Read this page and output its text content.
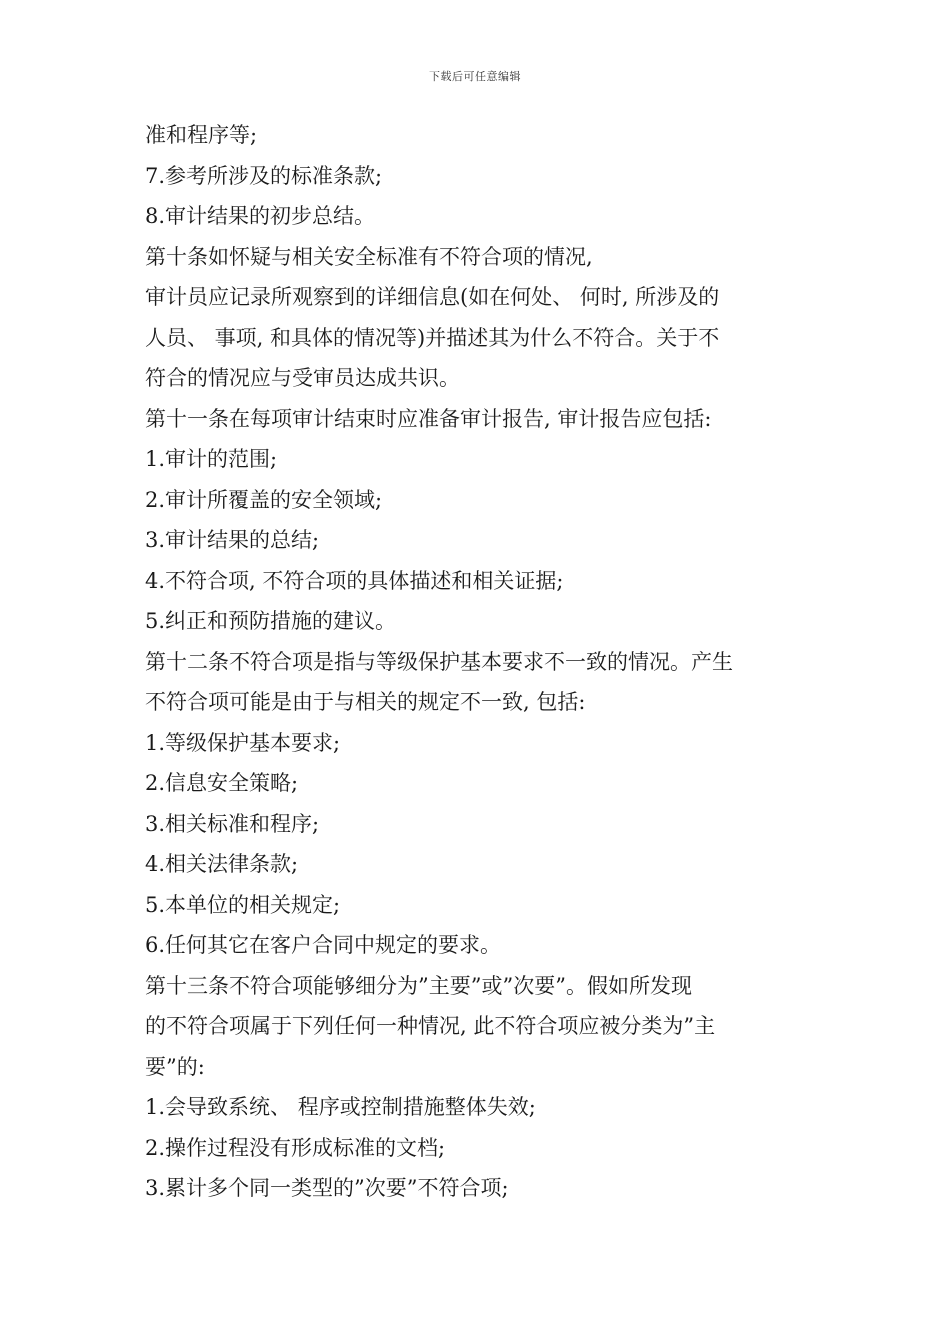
下载后可任意编辑
准和程序等;
7.参考所涉及的标准条款;
8.审计结果的初步总结。
第十条如怀疑与相关安全标准有不符合项的情况,
审计员应记录所观察到的详细信息(如在何处、 何时, 所涉及的
人员、 事项, 和具体的情况等)并描述其为什么不符合。关于不
符合的情况应与受审员达成共识。
第十一条在每项审计结束时应准备审计报告, 审计报告应包括:
1.审计的范围;
2.审计所覆盖的安全领域;
3.审计结果的总结;
4.不符合项, 不符合项的具体描述和相关证据;
5.纠正和预防措施的建议。
第十二条不符合项是指与等级保护基本要求不一致的情况。产生
不符合项可能是由于与相关的规定不一致, 包括:
1.等级保护基本要求;
2.信息安全策略;
3.相关标准和程序;
4.相关法律条款;
5.本单位的相关规定;
6.任何其它在客户合同中规定的要求。
第十三条不符合项能够细分为”主要”或”次要”。假如所发现
的不符合项属于下列任何一种情况, 此不符合项应被分类为”主
要”的:
1.会导致系统、 程序或控制措施整体失效;
2.操作过程没有形成标准的文档;
3.累计多个同一类型的”次要”不符合项;
